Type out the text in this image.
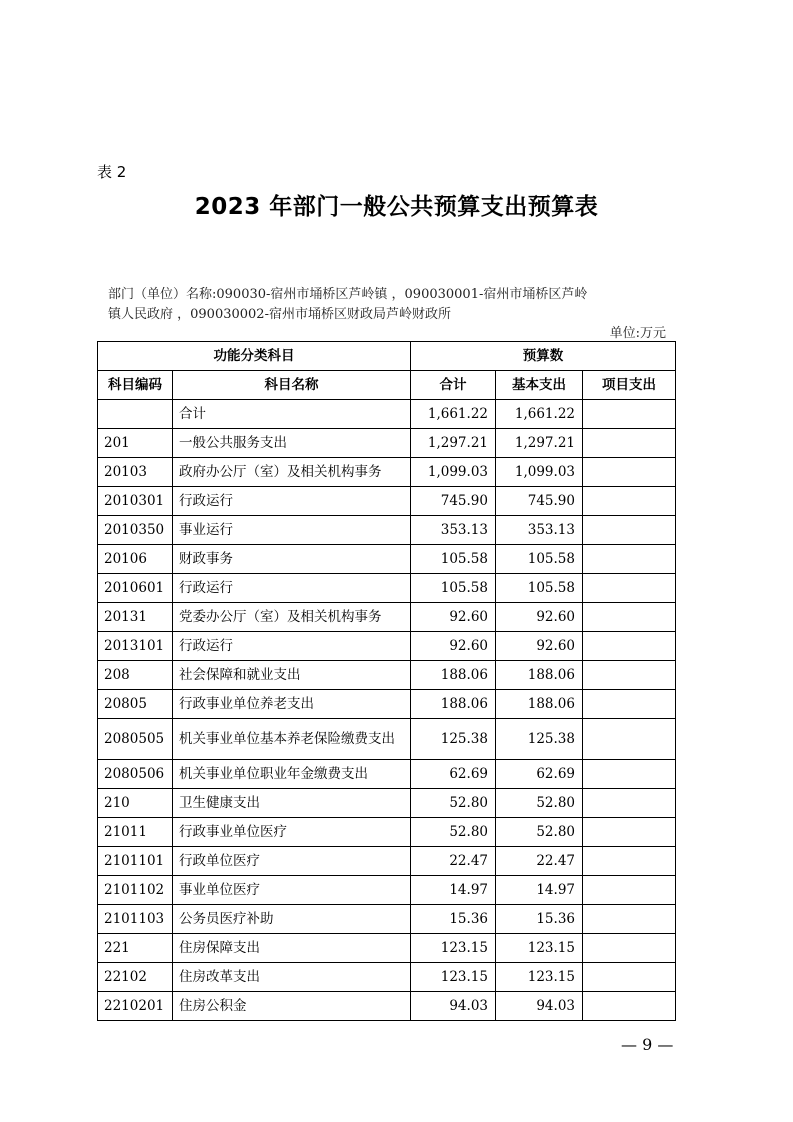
表 2
2023 年部门一般公共预算支出预算表
部门（单位）名称:090030-宿州市埇桥区芦岭镇 ，090030001-宿州市埇桥区芦岭镇人民政府 ，090030002-宿州市埇桥区财政局芦岭财政所
单位:万元
功能分类科目		预算数		
科目编码	科目名称	合计	基本支出	项目支出
	合计	1,661.22	1,661.22	
201	一般公共服务支出	1,297.21	1,297.21	
20103	政府办公厅（室）及相关机构事务	1,099.03	1,099.03	
2010301	行政运行	745.90	745.90	
2010350	事业运行	353.13	353.13	
20106	财政事务	105.58	105.58	
2010601	行政运行	105.58	105.58	
20131	党委办公厅（室）及相关机构事务	92.60	92.60	
2013101	行政运行	92.60	92.60	
208	社会保障和就业支出	188.06	188.06	
20805	行政事业单位养老支出	188.06	188.06	
2080505	机关事业单位基本养老保险缴费支出	125.38	125.38	
2080506	机关事业单位职业年金缴费支出	62.69	62.69	
210	卫生健康支出	52.80	52.80	
21011	行政事业单位医疗	52.80	52.80	
2101101	行政单位医疗	22.47	22.47	
2101102	事业单位医疗	14.97	14.97	
2101103	公务员医疗补助	15.36	15.36	
221	住房保障支出	123.15	123.15	
22102	住房改革支出	123.15	123.15	
2210201	住房公积金	94.03	94.03	
— 9 —
